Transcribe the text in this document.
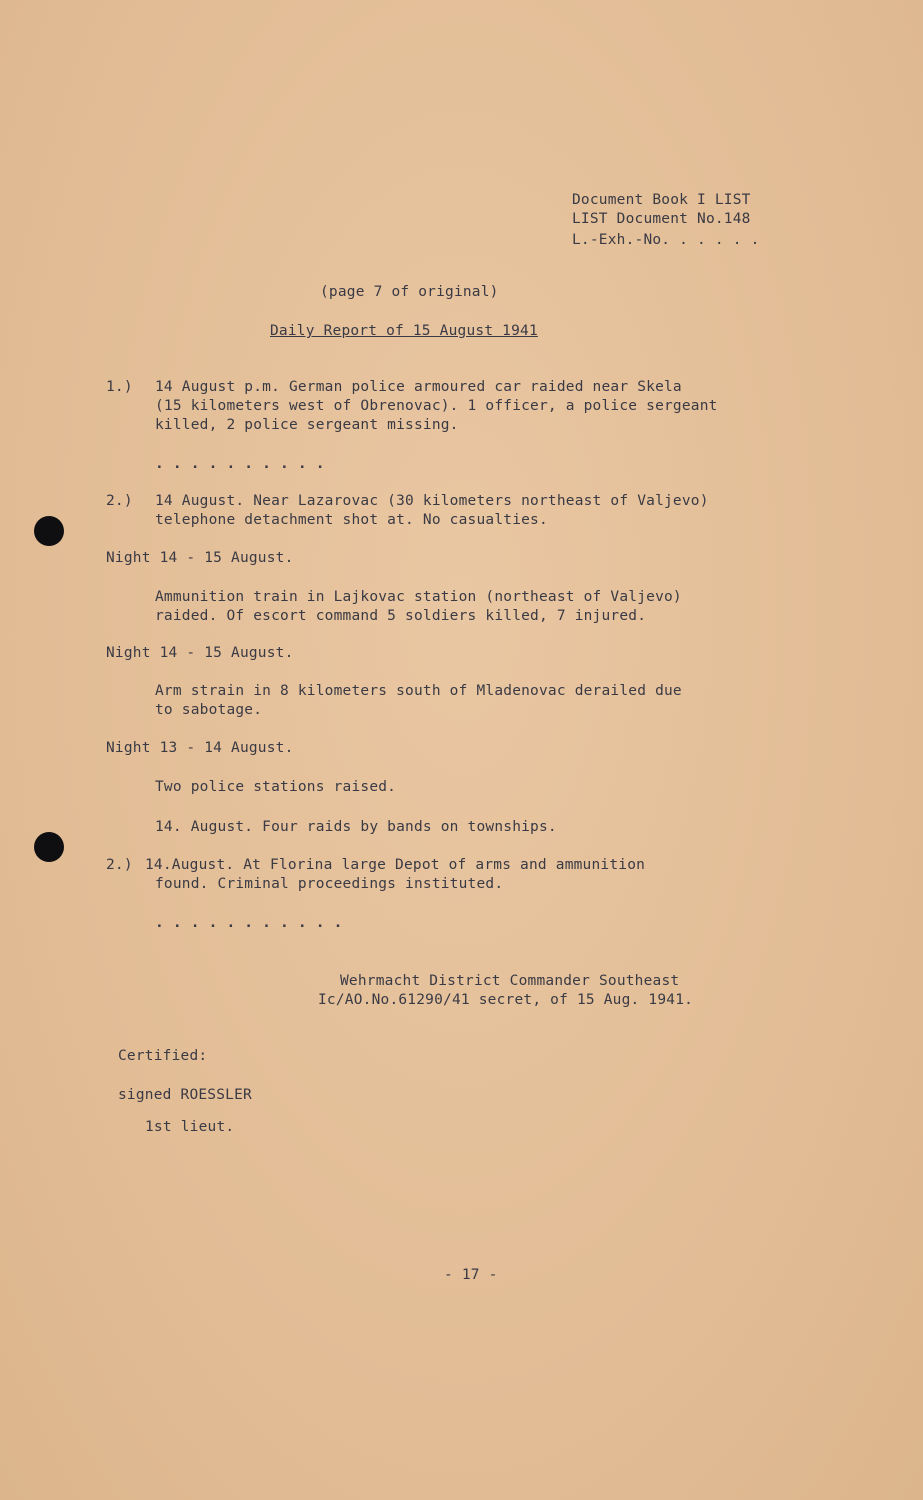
Document Book I LIST
LIST Document No.148
L.-Exh.-No. . . . . .
(page 7 of original)
Daily Report of 15 August 1941
1.) 14 August p.m. German police armoured car raided near Skela
(15 kilometers west of Obrenovac). 1 officer, a police sergeant
killed, 2 police sergeant missing.
. . . . . . . . . .
2.) 14 August. Near Lazarovac (30 kilometers northeast of Valjevo)
telephone detachment shot at. No casualties.
Night 14 - 15 August.
Ammunition train in Lajkovac station (northeast of Valjevo)
raided. Of escort command 5 soldiers killed, 7 injured.
Night 14 - 15 August.
Arm strain in 8 kilometers south of Mladenovac derailed due
to sabotage.
Night 13 - 14 August.
Two police stations raised.
14. August. Four raids by bands on townships.
2.) 14.August. At Florina large Depot of arms and ammunition
found. Criminal proceedings instituted.
. . . . . . . . . . .
Wehrmacht District Commander Southeast
Ic/AO.No.61290/41 secret, of 15 Aug. 1941.
Certified:
signed ROESSLER
1st lieut.
- 17 -
